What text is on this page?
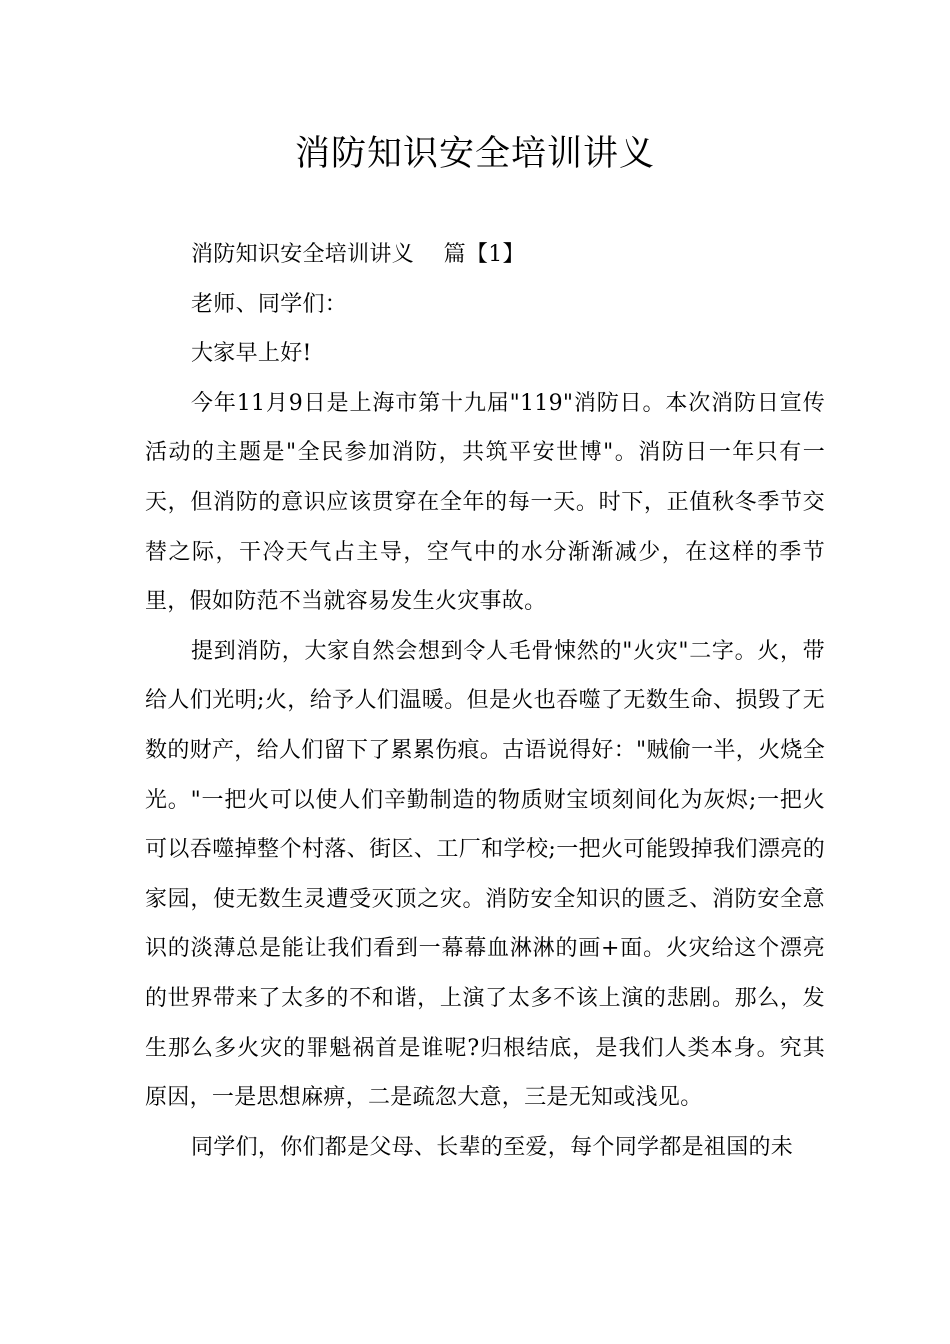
消防知识安全培训讲义

消防知识安全培训讲义　 篇【1】

老师、同学们：

大家早上好!

今年11月9日是上海市第十九届"119"消防日。本次消防日宣传活动的主题是"全民参加消防，共筑平安世博"。消防日一年只有一天，但消防的意识应该贯穿在全年的每一天。时下，正值秋冬季节交替之际，干冷天气占主导，空气中的水分渐渐减少，在这样的季节里，假如防范不当就容易发生火灾事故。

提到消防，大家自然会想到令人毛骨悚然的"火灾"二字。火，带给人们光明;火，给予人们温暖。但是火也吞噬了无数生命、损毁了无数的财产，给人们留下了累累伤痕。古语说得好："贼偷一半，火烧全光。"一把火可以使人们辛勤制造的物质财宝顷刻间化为灰烬;一把火可以吞噬掉整个村落、街区、工厂和学校;一把火可能毁掉我们漂亮的家园，使无数生灵遭受灭顶之灾。消防安全知识的匮乏、消防安全意识的淡薄总是能让我们看到一幕幕血淋淋的画+面。火灾给这个漂亮的世界带来了太多的不和谐，上演了太多不该上演的悲剧。那么，发生那么多火灾的罪魁祸首是谁呢?归根结底，是我们人类本身。究其原因，一是思想麻痹，二是疏忽大意，三是无知或浅见。

同学们，你们都是父母、长辈的至爱，每个同学都是祖国的未
